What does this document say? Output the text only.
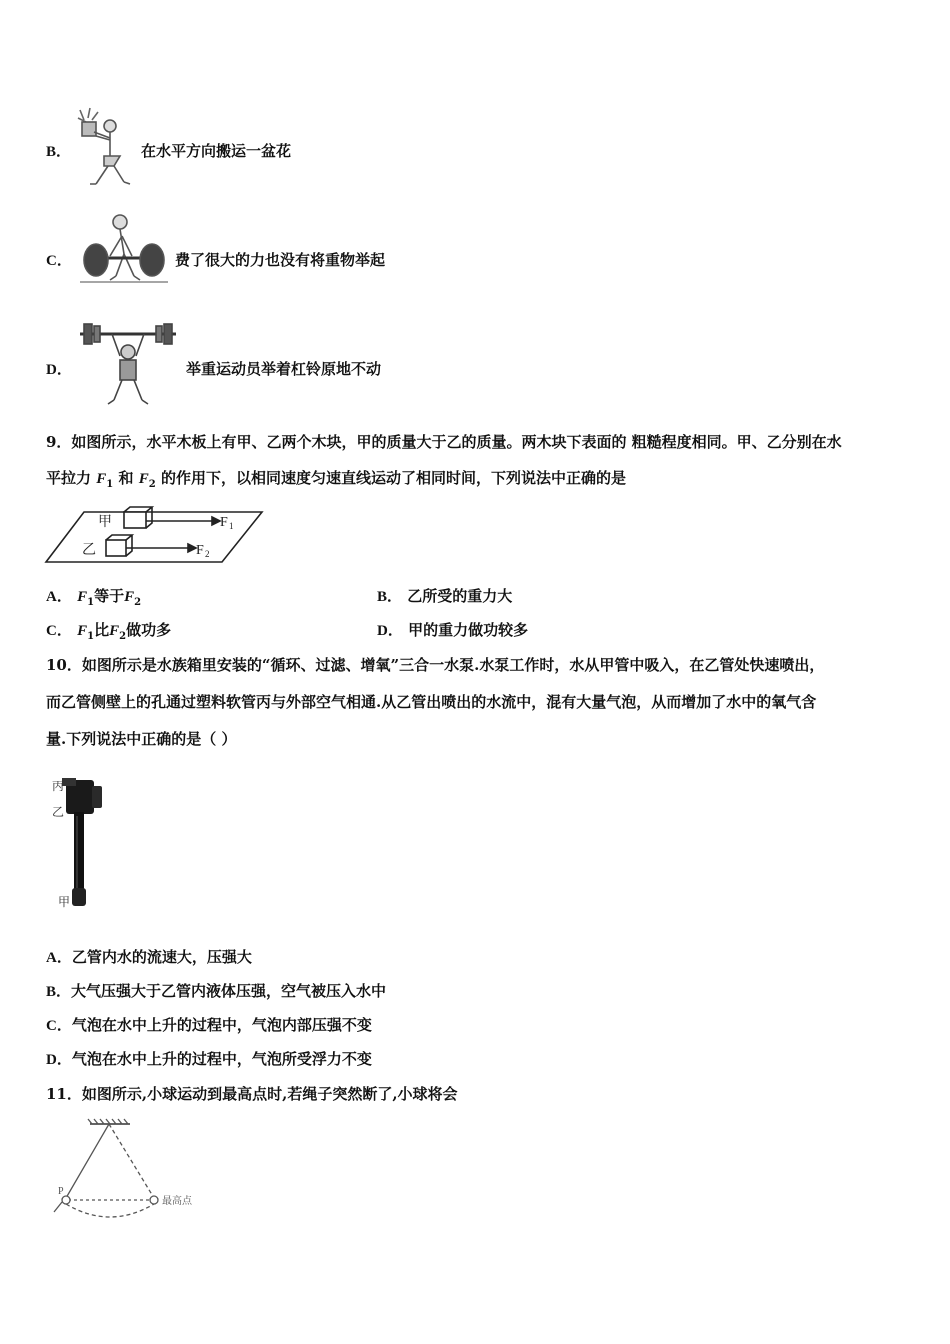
B．	在水平方向搬运一盆花
C．	费了很大的力也没有将重物举起
D．	举重运动员举着杠铃原地不动
9．如图所示，水平木板上有甲、乙两个木块，甲的质量大于乙的质量。两木块下表面的 粗糙程度相同。甲、乙分别在水
平拉力 $F_1$ 和 $F_2$ 的作用下，以相同速度匀速直线运动了相同时间，下列说法中正确的是
甲
乙
F 1
F 2
A． $F_1$等于$F_2$	B． 乙所受的重力大
C． $F_1$比$F_2$做功多	D． 甲的重力做功较多
10．如图所示是水族箱里安装的“循环、过滤、增氧”三合一水泵.水泵工作时，水从甲管中吸入，在乙管处快速喷出，
而乙管侧壁上的孔通过塑料软管丙与外部空气相通.从乙管出喷出的水流中，混有大量气泡，从而增加了水中的氧气含
量.下列说法中正确的是（ ）
丙
乙
甲
A．乙管内水的流速大，压强大
B．大气压强大于乙管内液体压强，空气被压入水中
C．气泡在水中上升的过程中，气泡内部压强不变
D．气泡在水中上升的过程中，气泡所受浮力不变
11．如图所示,小球运动到最高点时,若绳子突然断了,小球将会
P
最高点
